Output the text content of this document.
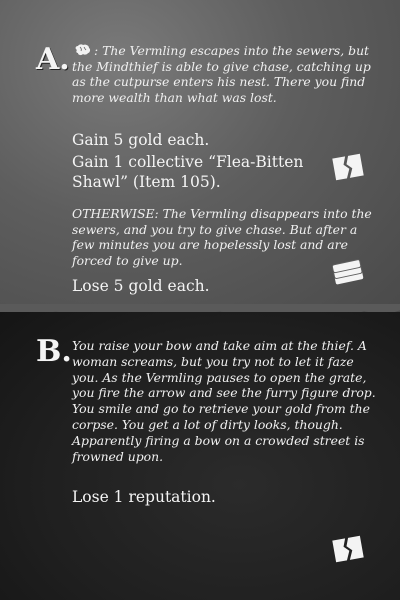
A.	: The Vermling escapes into the sewers, but the Mindthief is able to give chase, catching up as the cutpurse enters his nest. There you find more wealth than what was lost.
Gain 5 gold each.
Gain 1 collective “Flea-Bitten Shawl” (Item 105).
OTHERWISE: The Vermling disappears into the sewers, and you try to give chase. But after a few minutes you are hopelessly lost and are forced to give up.
Lose 5 gold each.
B. You raise your bow and take aim at the thief. A woman screams, but you try not to let it faze you. As the Vermling pauses to open the grate, you fire the arrow and see the furry figure drop. You smile and go to retrieve your gold from the corpse. You get a lot of dirty looks, though. Apparently firing a bow on a crowded street is frowned upon.
Lose 1 reputation.
